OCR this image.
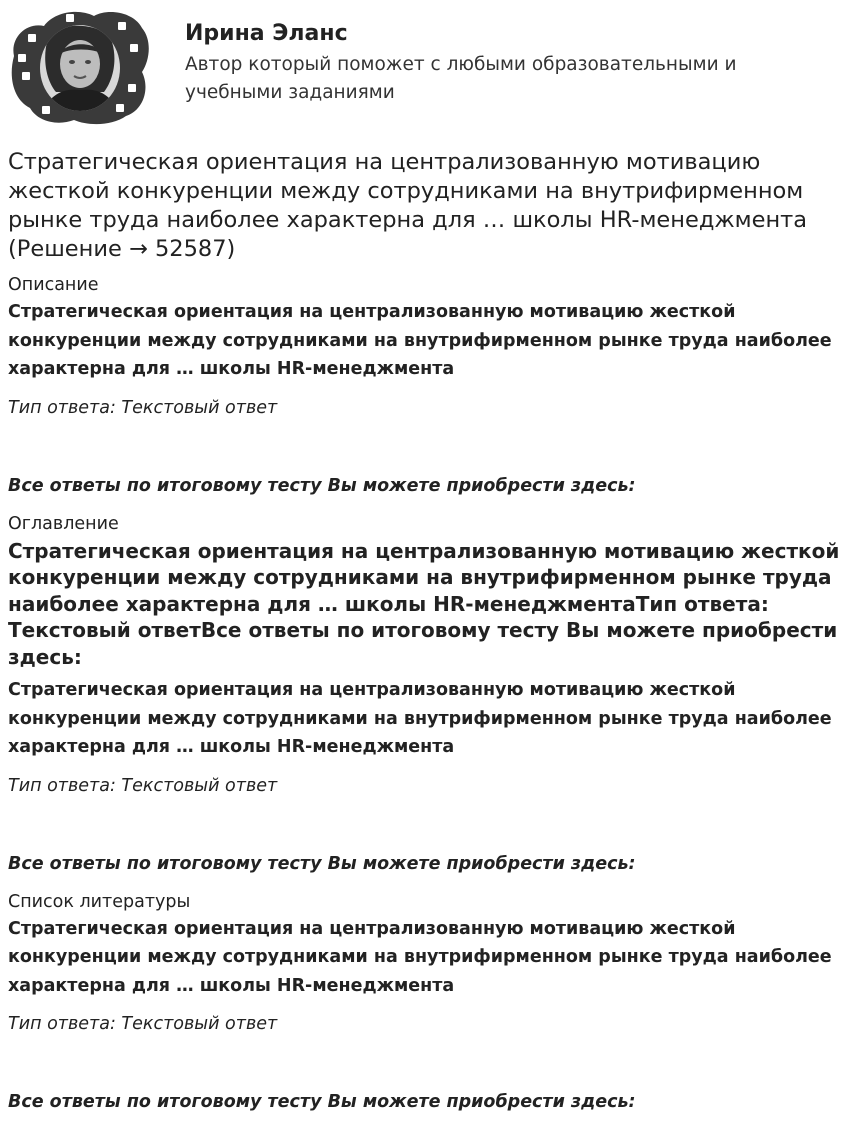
Ирина Эланс
Автор который поможет с любыми образовательными и учебными заданиями
Стратегическая ориентация на централизованную мотивацию жесткой конкуренции между сотрудниками на внутрифирменном рынке труда наиболее характерна для … школы HR-менеджмента (Решение → 52587)
Описание

Стратегическая ориентация на централизованную мотивацию жесткой конкуренции между сотрудниками на внутрифирменном рынке труда наиболее характерна для … школы HR-менеджмента

Тип ответа: Текстовый ответ

Все ответы по итоговому тесту Вы можете приобрести здесь:

Оглавление

Стратегическая ориентация на централизованную мотивацию жесткой конкуренции между сотрудниками на внутрифирменном рынке труда наиболее характерна для … школы HR-менеджментаТип ответа: Текстовый ответВсе ответы по итоговому тесту Вы можете приобрести здесь:

Стратегическая ориентация на централизованную мотивацию жесткой конкуренции между сотрудниками на внутрифирменном рынке труда наиболее характерна для … школы HR-менеджмента

Тип ответа: Текстовый ответ

Все ответы по итоговому тесту Вы можете приобрести здесь:

Список литературы

Стратегическая ориентация на централизованную мотивацию жесткой конкуренции между сотрудниками на внутрифирменном рынке труда наиболее характерна для … школы HR-менеджмента

Тип ответа: Текстовый ответ

Все ответы по итоговому тесту Вы можете приобрести здесь:
